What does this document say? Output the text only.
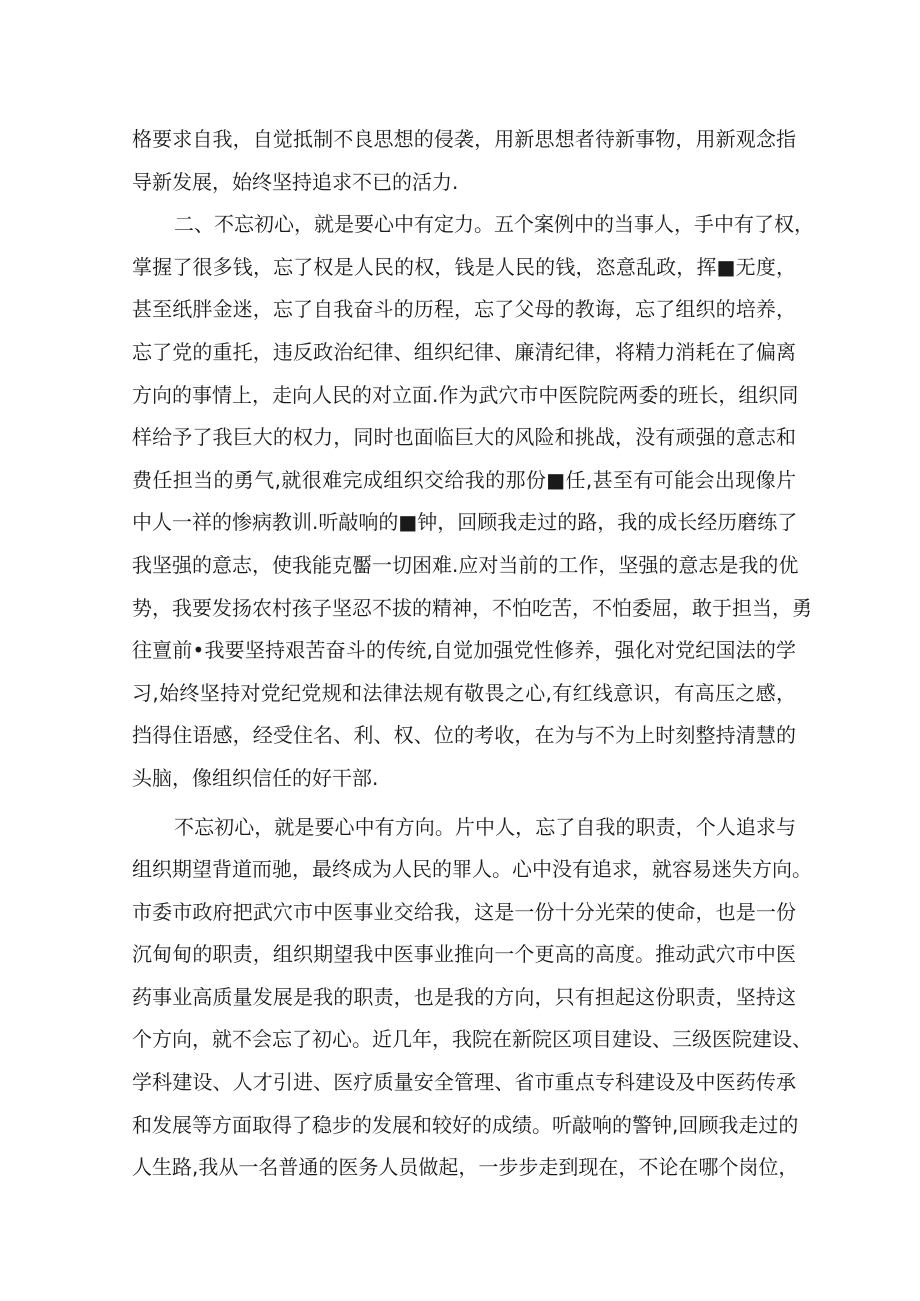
格要求自我，自觉抵制不良思想的侵袭，用新思想者待新事物，用新观念指
导新发展，始终坚持追求不已的活力.
二、不忘初心，就是要心中有定力。五个案例中的当事人，手中有了权，
掌握了很多钱，忘了权是人民的权，钱是人民的钱，恣意乱政，挥■无度，
甚至纸胖金迷，忘了自我奋斗的历程，忘了父母的教诲，忘了组织的培养，
忘了党的重托，违反政治纪律、组织纪律、廉清纪律，将精力消耗在了偏离
方向的事情上，走向人民的对立面.作为武穴市中医院院两委的班长，组织同
样给予了我巨大的权力，同时也面临巨大的风险和挑战，没有顽强的意志和
费任担当的勇气,就很难完成组织交给我的那份■任,甚至有可能会出现像片
中人一祥的惨病教训.听敲响的■钟，回顾我走过的路，我的成长经历磨练了
我坚强的意志，使我能克靨一切困难.应对当前的工作，坚强的意志是我的优
势，我要发扬农村孩子坚忍不拔的精神，不怕吃苦，不怕委屈，敢于担当，勇
往亶前•我要坚持艰苦奋斗的传统,自觉加强党性修养，强化对党纪国法的学
习,始终坚持对党纪党规和法律法规有敬畏之心,有红线意识，有高压之感，
挡得住语感，经受住名、利、权、位的考收，在为与不为上时刻整持清慧的
头脑，像组织信任的好干部.
不忘初心，就是要心中有方向。片中人，忘了自我的职责，个人追求与
组织期望背道而驰，最终成为人民的罪人。心中没有追求，就容易迷失方向。
市委市政府把武穴市中医事业交给我，这是一份十分光荣的使命，也是一份
沉甸甸的职责，组织期望我中医事业推向一个更高的高度。推动武穴市中医
药事业高质量发展是我的职责，也是我的方向，只有担起这份职责，坚持这
个方向，就不会忘了初心。近几年，我院在新院区项目建设、三级医院建设、
学科建设、人才引进、医疗质量安全管理、省市重点专科建设及中医药传承
和发展等方面取得了稳步的发展和较好的成绩。听敲响的警钟,回顾我走过的
人生路,我从一名普通的医务人员做起，一步步走到现在，不论在哪个岗位，
